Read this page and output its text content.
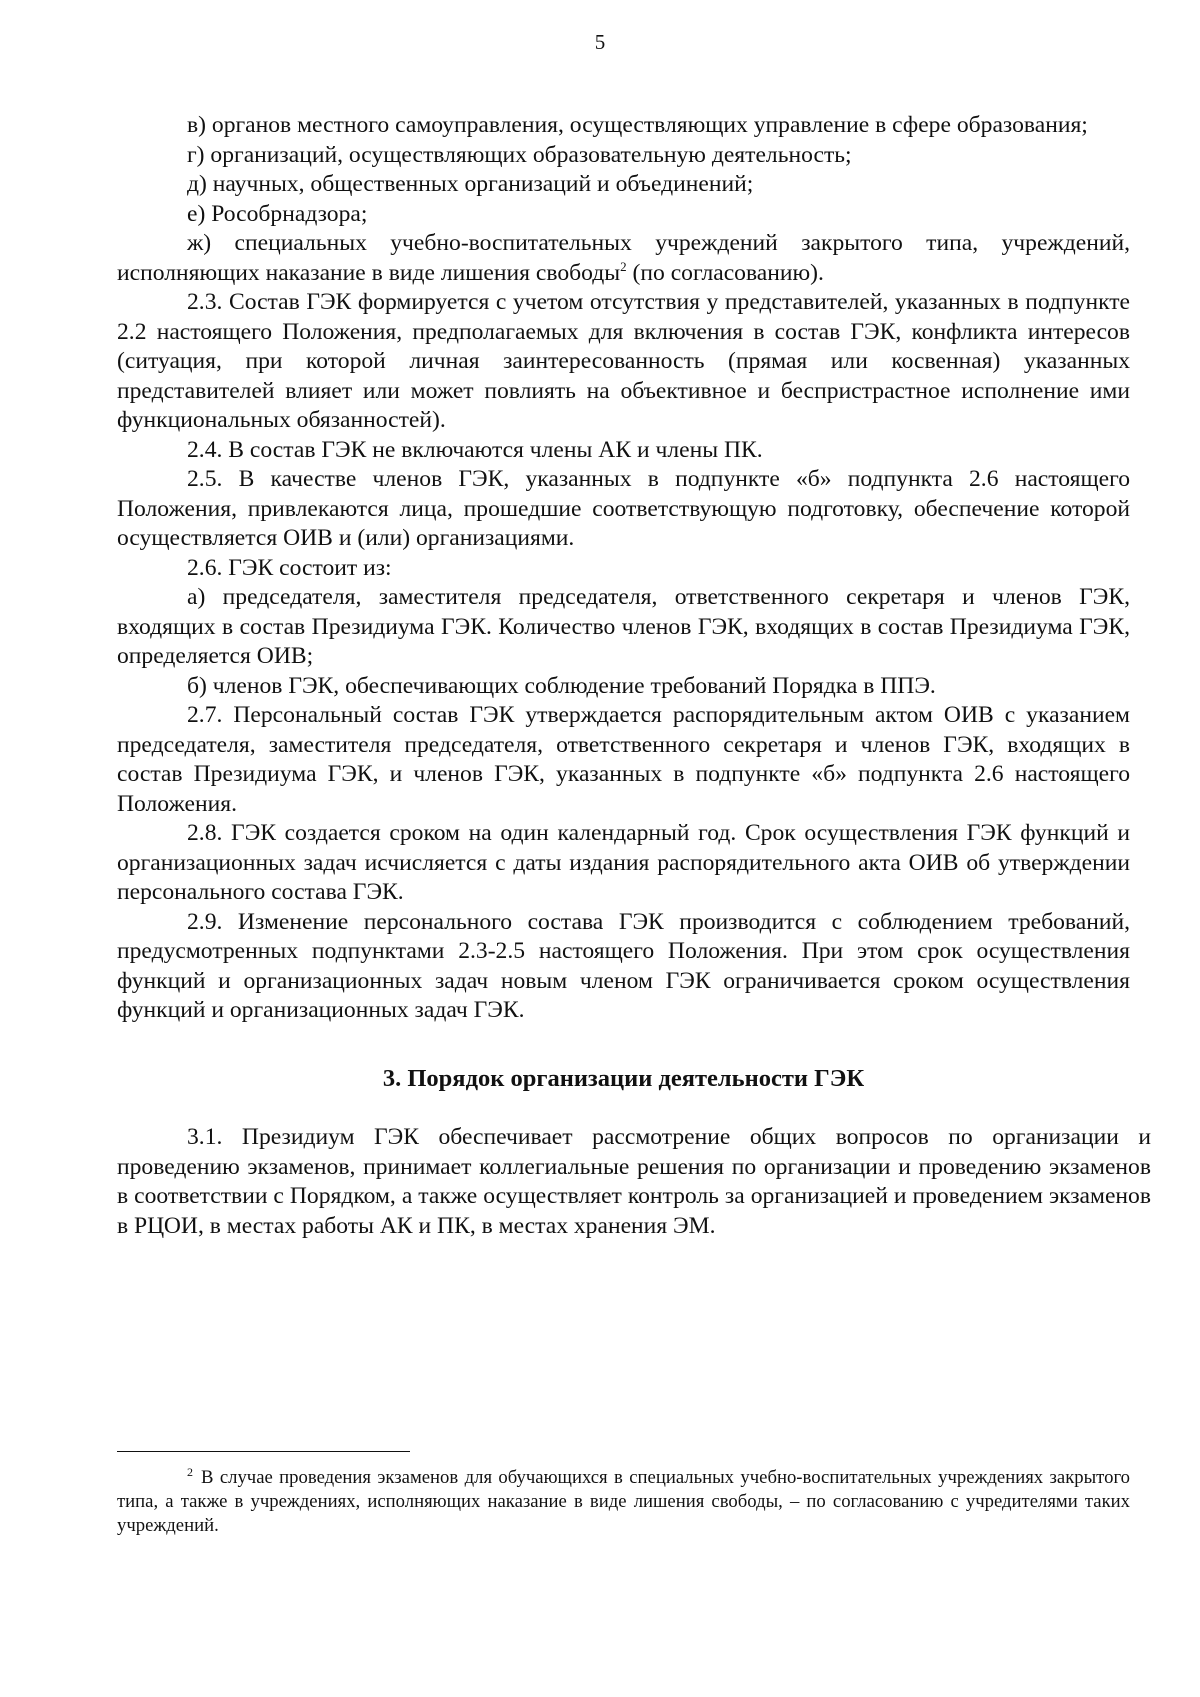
5

в) органов местного самоуправления, осуществляющих управление в сфере образования;

г) организаций, осуществляющих образовательную деятельность;

д) научных, общественных организаций и объединений;

е) Рособрнадзора;

ж) специальных учебно-воспитательных учреждений закрытого типа, учреждений, исполняющих наказание в виде лишения свободы$^2$ (по согласованию).

2.3. Состав ГЭК формируется с учетом отсутствия у представителей, указанных в подпункте 2.2 настоящего Положения, предполагаемых для включения в состав ГЭК, конфликта интересов (ситуация, при которой личная заинтересованность (прямая или косвенная) указанных представителей влияет или может повлиять на объективное и беспристрастное исполнение ими функциональных обязанностей).

2.4. В состав ГЭК не включаются члены АК и члены ПК.

2.5. В качестве членов ГЭК, указанных в подпункте «б» подпункта 2.6 настоящего Положения, привлекаются лица, прошедшие соответствующую подготовку, обеспечение которой осуществляется ОИВ и (или) организациями.

2.6. ГЭК состоит из:

а) председателя, заместителя председателя, ответственного секретаря и членов ГЭК, входящих в состав Президиума ГЭК. Количество членов ГЭК, входящих в состав Президиума ГЭК, определяется ОИВ;

б) членов ГЭК, обеспечивающих соблюдение требований Порядка в ППЭ.

2.7. Персональный состав ГЭК утверждается распорядительным актом ОИВ с указанием председателя, заместителя председателя, ответственного секретаря и членов ГЭК, входящих в состав Президиума ГЭК, и членов ГЭК, указанных в подпункте «б» подпункта 2.6 настоящего Положения.

2.8. ГЭК создается сроком на один календарный год. Срок осуществления ГЭК функций и организационных задач исчисляется с даты издания распорядительного акта ОИВ об утверждении персонального состава ГЭК.

2.9. Изменение персонального состава ГЭК производится с соблюдением требований, предусмотренных подпунктами 2.3-2.5 настоящего Положения. При этом срок осуществления функций и организационных задач новым членом ГЭК ограничивается сроком осуществления функций и организационных задач ГЭК.

3. Порядок организации деятельности ГЭК

3.1. Президиум ГЭК обеспечивает рассмотрение общих вопросов по организации и проведению экзаменов, принимает коллегиальные решения по организации и проведению экзаменов в соответствии с Порядком, а также осуществляет контроль за организацией и проведением экзаменов в РЦОИ, в местах работы АК и ПК, в местах хранения ЭМ.

$^2$ В случае проведения экзаменов для обучающихся в специальных учебно-воспитательных учреждениях закрытого типа, а также в учреждениях, исполняющих наказание в виде лишения свободы, – по согласованию с учредителями таких учреждений.
